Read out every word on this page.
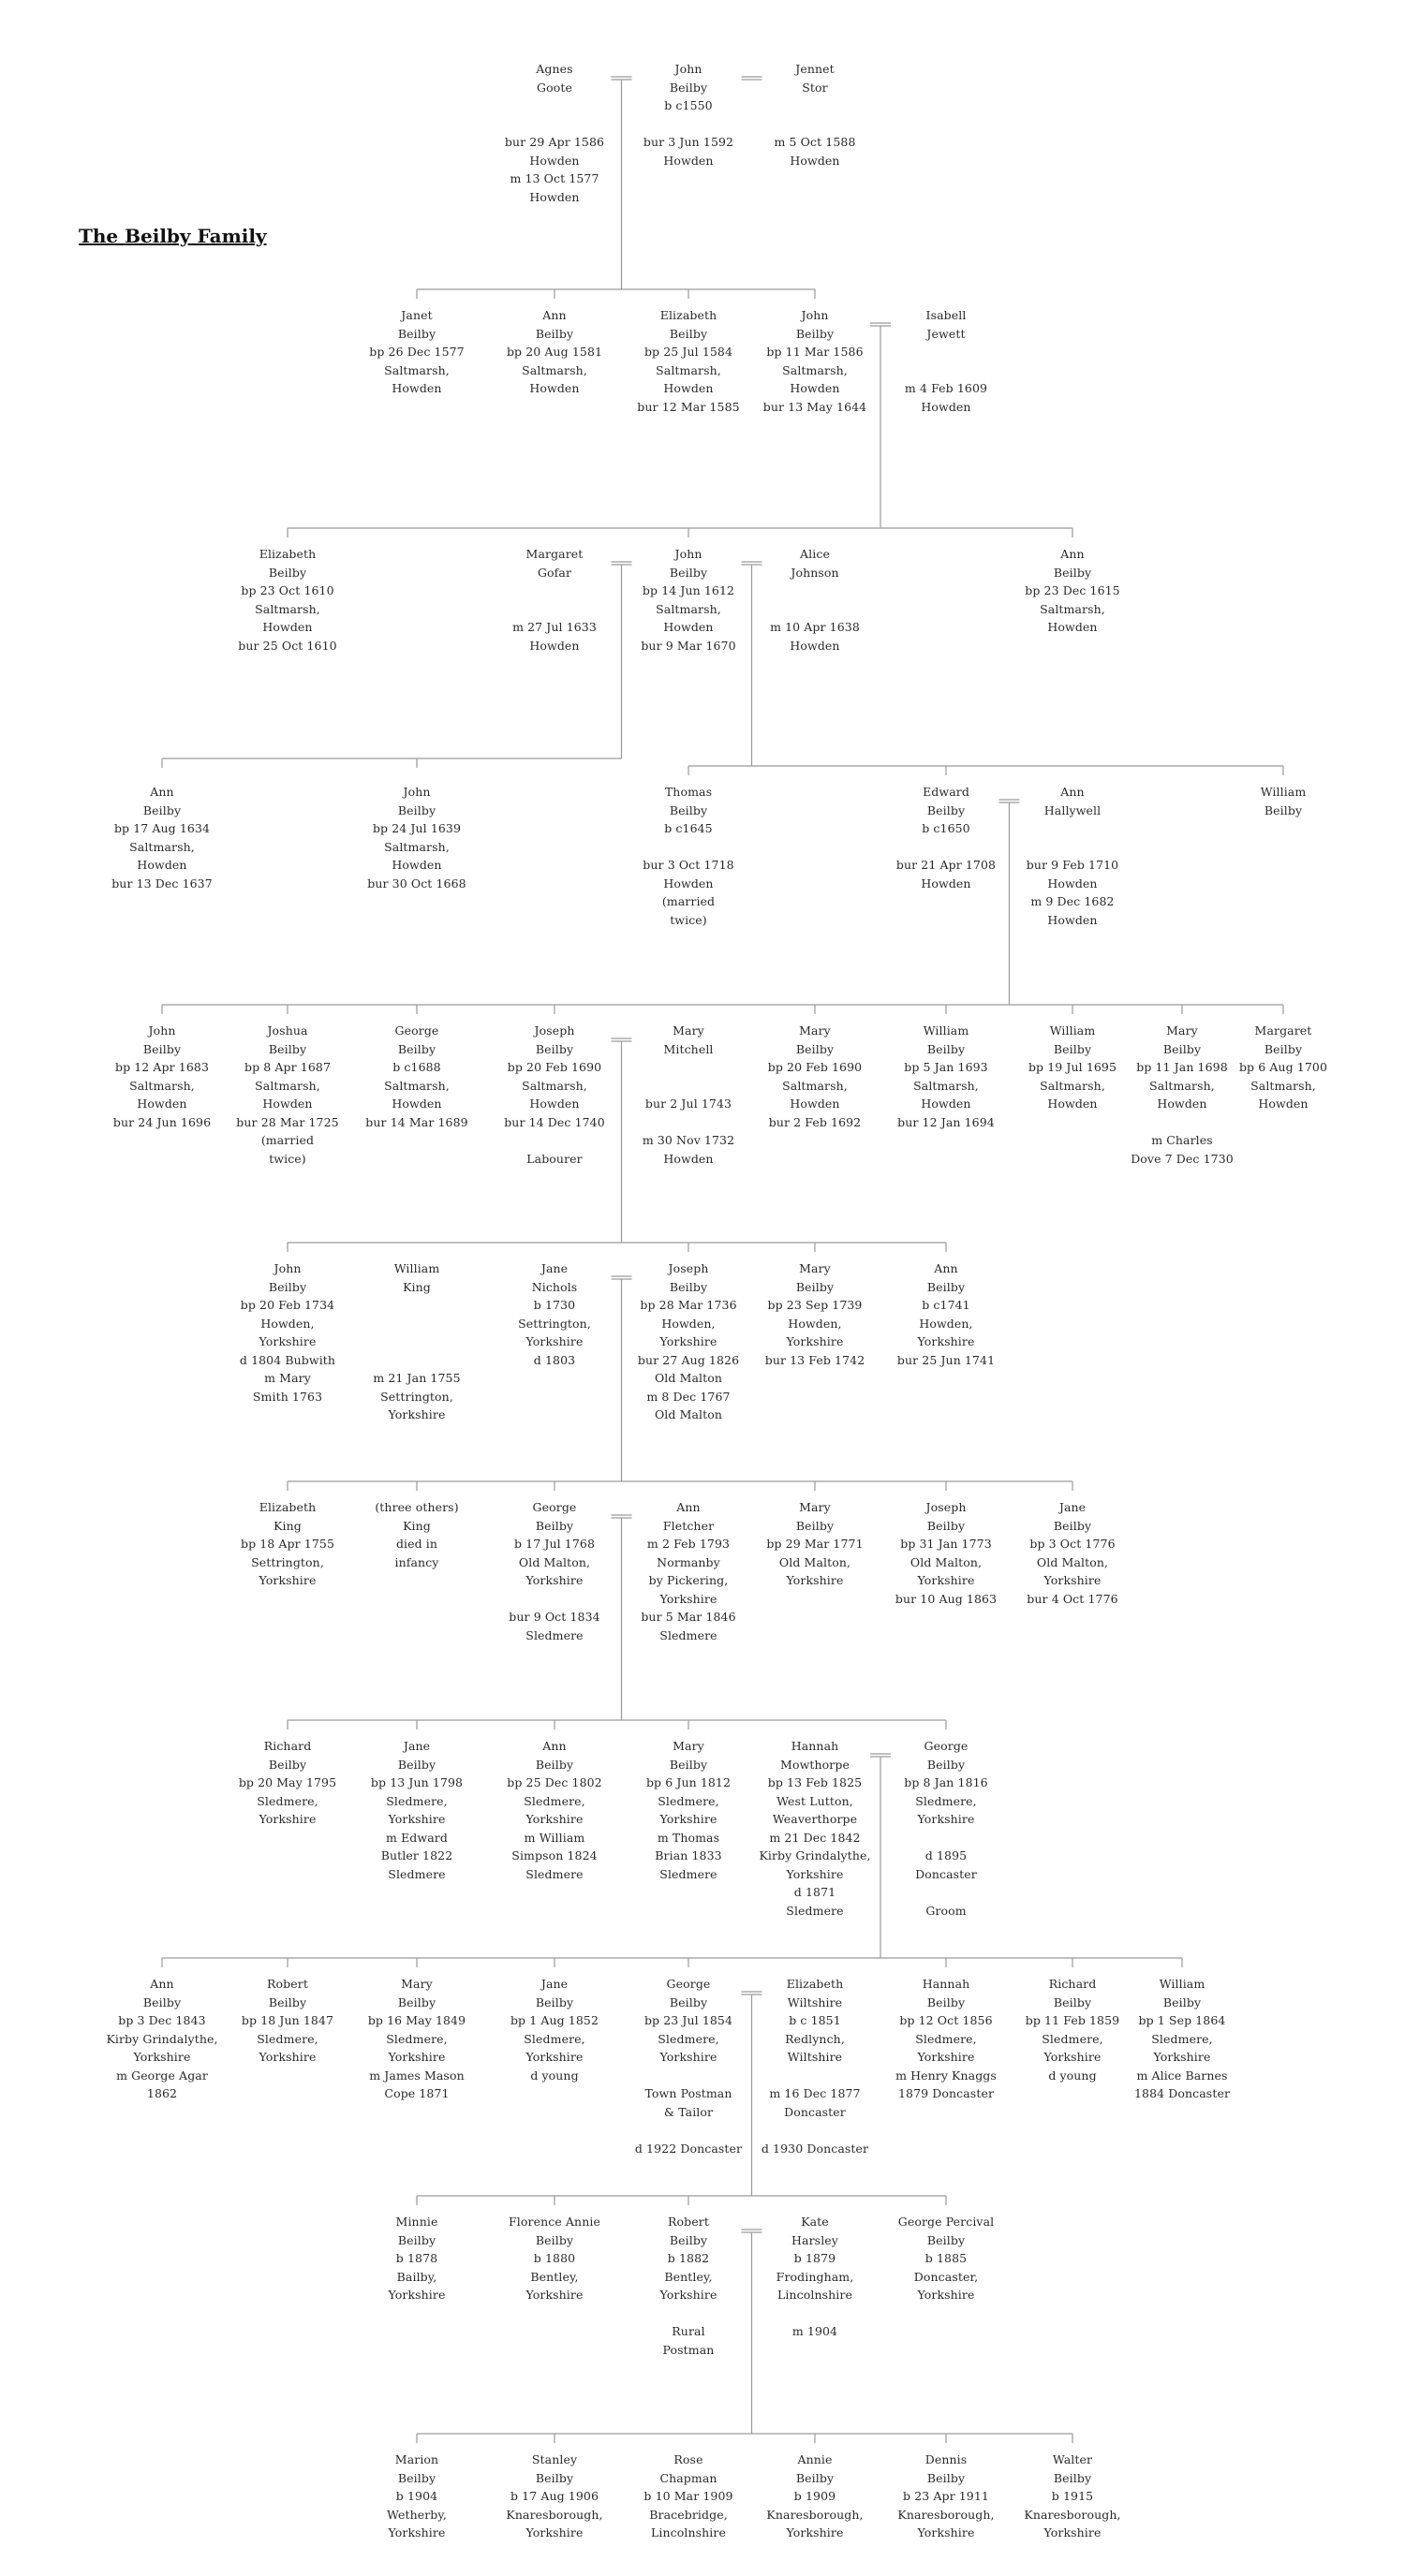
The Beilby Family
Agnes
Goote
bur 29 Apr 1586
Howden
m 13 Oct 1577
Howden
John
Beilby
b c1550
bur 3 Jun 1592
Howden
Jennet
Stor
m 5 Oct 1588
Howden
Janet
Beilby
bp 26 Dec 1577
Saltmarsh,
Howden
Ann
Beilby
bp 20 Aug 1581
Saltmarsh,
Howden
Elizabeth
Beilby
bp 25 Jul 1584
Saltmarsh,
Howden
bur 12 Mar 1585
John
Beilby
bp 11 Mar 1586
Saltmarsh,
Howden
bur 13 May 1644
Isabell
Jewett
m 4 Feb 1609
Howden
Elizabeth
Beilby
bp 23 Oct 1610
Saltmarsh,
Howden
bur 25 Oct 1610
Margaret
Gofar
m 27 Jul 1633
Howden
John
Beilby
bp 14 Jun 1612
Saltmarsh,
Howden
bur 9 Mar 1670
Alice
Johnson
m 10 Apr 1638
Howden
Ann
Beilby
bp 23 Dec 1615
Saltmarsh,
Howden
Ann
Beilby
bp 17 Aug 1634
Saltmarsh,
Howden
bur 13 Dec 1637
John
Beilby
bp 24 Jul 1639
Saltmarsh,
Howden
bur 30 Oct 1668
Thomas
Beilby
b c1645
bur 3 Oct 1718
Howden
(married
twice)
Edward
Beilby
b c1650
bur 21 Apr 1708
Howden
Ann
Hallywell
bur 9 Feb 1710
Howden
m 9 Dec 1682
Howden
William
Beilby
John
Beilby
bp 12 Apr 1683
Saltmarsh,
Howden
bur 24 Jun 1696
Joshua
Beilby
bp 8 Apr 1687
Saltmarsh,
Howden
bur 28 Mar 1725
(married
twice)
George
Beilby
b c1688
Saltmarsh,
Howden
bur 14 Mar 1689
Joseph
Beilby
bp 20 Feb 1690
Saltmarsh,
Howden
bur 14 Dec 1740
Labourer
Mary
Mitchell
bur 2 Jul 1743
m 30 Nov 1732
Howden
Mary
Beilby
bp 20 Feb 1690
Saltmarsh,
Howden
bur 2 Feb 1692
William
Beilby
bp 5 Jan 1693
Saltmarsh,
Howden
bur 12 Jan 1694
William
Beilby
bp 19 Jul 1695
Saltmarsh,
Howden
Mary
Beilby
bp 11 Jan 1698
Saltmarsh,
Howden
m Charles
Dove 7 Dec 1730
Margaret
Beilby
bp 6 Aug 1700
Saltmarsh,
Howden
John
Beilby
bp 20 Feb 1734
Howden,
Yorkshire
d 1804 Bubwith
m Mary
Smith 1763
William
King
m 21 Jan 1755
Settrington,
Yorkshire
Jane
Nichols
b 1730
Settrington,
Yorkshire
d 1803
Joseph
Beilby
bp 28 Mar 1736
Howden,
Yorkshire
bur 27 Aug 1826
Old Malton
m 8 Dec 1767
Old Malton
Mary
Beilby
bp 23 Sep 1739
Howden,
Yorkshire
bur 13 Feb 1742
Ann
Beilby
b c1741
Howden,
Yorkshire
bur 25 Jun 1741
Elizabeth
King
bp 18 Apr 1755
Settrington,
Yorkshire
(three others)
King
died in
infancy
George
Beilby
b 17 Jul 1768
Old Malton,
Yorkshire
bur 9 Oct 1834
Sledmere
Ann
Fletcher
m 2 Feb 1793
Normanby
by Pickering,
Yorkshire
bur 5 Mar 1846
Sledmere
Mary
Beilby
bp 29 Mar 1771
Old Malton,
Yorkshire
Joseph
Beilby
bp 31 Jan 1773
Old Malton,
Yorkshire
bur 10 Aug 1863
Jane
Beilby
bp 3 Oct 1776
Old Malton,
Yorkshire
bur 4 Oct 1776
Richard
Beilby
bp 20 May 1795
Sledmere,
Yorkshire
Jane
Beilby
bp 13 Jun 1798
Sledmere,
Yorkshire
m Edward
Butler 1822
Sledmere
Ann
Beilby
bp 25 Dec 1802
Sledmere,
Yorkshire
m William
Simpson 1824
Sledmere
Mary
Beilby
bp 6 Jun 1812
Sledmere,
Yorkshire
m Thomas
Brian 1833
Sledmere
Hannah
Mowthorpe
bp 13 Feb 1825
West Lutton,
Weaverthorpe
m 21 Dec 1842
Kirby Grindalythe,
Yorkshire
d 1871
Sledmere
George
Beilby
bp 8 Jan 1816
Sledmere,
Yorkshire
d 1895
Doncaster
Groom
Ann
Beilby
bp 3 Dec 1843
Kirby Grindalythe,
Yorkshire
m George Agar
1862
Robert
Beilby
bp 18 Jun 1847
Sledmere,
Yorkshire
Mary
Beilby
bp 16 May 1849
Sledmere,
Yorkshire
m James Mason
Cope 1871
Jane
Beilby
bp 1 Aug 1852
Sledmere,
Yorkshire
d young
George
Beilby
bp 23 Jul 1854
Sledmere,
Yorkshire
Town Postman
& Tailor
d 1922 Doncaster
Elizabeth
Wiltshire
b c 1851
Redlynch,
Wiltshire
m 16 Dec 1877
Doncaster
d 1930 Doncaster
Hannah
Beilby
bp 12 Oct 1856
Sledmere,
Yorkshire
m Henry Knaggs
1879 Doncaster
Richard
Beilby
bp 11 Feb 1859
Sledmere,
Yorkshire
d young
William
Beilby
bp 1 Sep 1864
Sledmere,
Yorkshire
m Alice Barnes
1884 Doncaster
Minnie
Beilby
b 1878
Bailby,
Yorkshire
Florence Annie
Beilby
b 1880
Bentley,
Yorkshire
Robert
Beilby
b 1882
Bentley,
Yorkshire
Rural
Postman
Kate
Harsley
b 1879
Frodingham,
Lincolnshire
m 1904
George Percival
Beilby
b 1885
Doncaster,
Yorkshire
Marion
Beilby
b 1904
Wetherby,
Yorkshire
Stanley
Beilby
b 17 Aug 1906
Knaresborough,
Yorkshire
Rose
Chapman
b 10 Mar 1909
Bracebridge,
Lincolnshire
Annie
Beilby
b 1909
Knaresborough,
Yorkshire
Dennis
Beilby
b 23 Apr 1911
Knaresborough,
Yorkshire
Walter
Beilby
b 1915
Knaresborough,
Yorkshire
